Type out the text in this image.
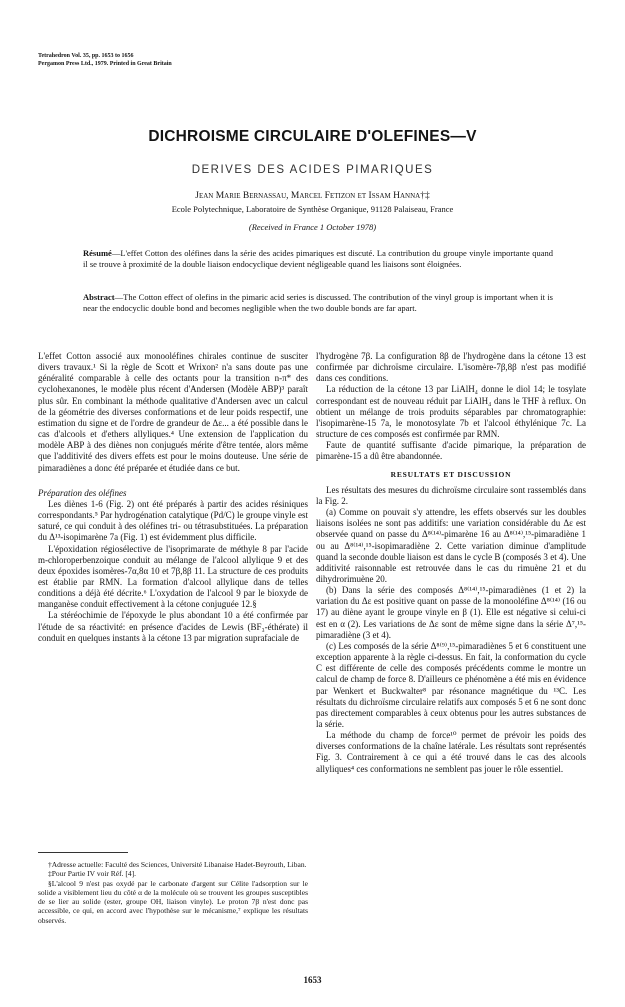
Tetrahedron Vol. 35, pp. 1653 to 1656
Pergamon Press Ltd., 1979. Printed in Great Britain
DICHROISME CIRCULAIRE D'OLEFINES—V
DERIVES DES ACIDES PIMARIQUES
Jean Marie Bernassau, Marcel Fetizon et Issam Hanna†‡
Ecole Polytechnique, Laboratoire de Synthèse Organique, 91128 Palaiseau, France
(Received in France 1 October 1978)
Résumé—L'effet Cotton des oléfines dans la série des acides pimariques est discuté. La contribution du groupe vinyle importante quand il se trouve à proximité de la double liaison endocyclique devient négligeable quand les liaisons sont éloignées.
Abstract—The Cotton effect of olefins in the pimaric acid series is discussed. The contribution of the vinyl group is important when it is near the endocyclic double bond and becomes negligible when the two double bonds are far apart.

L'effet Cotton associé aux monooléfines chirales continue de susciter divers travaux.¹ Si la règle de Scott et Wrixon² n'a sans doute pas une généralité comparable à celle des octants pour la transition n-π* des cyclohexanones, le modèle plus récent d'Andersen (Modèle ABP)³ paraît plus sûr. En combinant la méthode qualitative d'Andersen avec un calcul de la géométrie des diverses conformations et de leur poids respectif, une estimation du signe et de l'ordre de grandeur de Δε... a été possible dans le cas d'alcools et d'ethers allyliques.⁴ Une extension de l'application du modèle ABP à des diènes non conjugués mérite d'être tentée, alors même que l'additivité des divers effets est pour le moins douteuse. Une série de pimaradiènes a donc été préparée et étudiée dans ce but.

Préparation des oléfines

Les diènes 1-6 (Fig. 2) ont été préparés à partir des acides résiniques correspondants.⁵ Par hydrogénation catalytique (Pd/C) le groupe vinyle est saturé, ce qui conduit à des oléfines tri- ou tétrasubstituées. La préparation du Δ¹³-isopimarène 7a (Fig. 1) est évidemment plus difficile.

L'époxidation régiosélective de l'isoprimarate de méthyle 8 par l'acide m-chloroperbenzoique conduit au mélange de l'alcool allylique 9 et des deux époxides isomères-7α,8α 10 et 7β,8β 11. La structure de ces produits est établie par RMN. La formation d'alcool allylique dans de telles conditions a déjà été décrite.⁶ L'oxydation de l'alcool 9 par le bioxyde de manganèse conduit effectivement à la cétone conjuguée 12.§

La stéréochimie de l'époxyde le plus abondant 10 a été confirmée par l'étude de sa réactivité: en présence d'acides de Lewis (BF₃-éthérate) il conduit en quelques instants à la cétone 13 par migration suprafaciale de

†Adresse actuelle: Faculté des Sciences, Université Libanaise Hadet-Beyrouth, Liban.

‡Pour Partie IV voir Réf. [4].

§L'alcool 9 n'est pas oxydé par le carbonate d'argent sur Célite l'adsorption sur le solide a visiblement lieu du côté α de la molécule où se trouvent les groupes susceptibles de se lier au solide (ester, groupe OH, liaison vinyle). Le proton 7β n'est donc pas accessible, ce qui, en accord avec l'hypothèse sur le mécanisme,⁷ explique les résultats observés.

l'hydrogène 7β. La configuration 8β de l'hydrogène dans la cétone 13 est confirmée par dichroïsme circulaire. L'isomère-7β,8β n'est pas modifié dans ces conditions.

La réduction de la cétone 13 par LiAlH₄ donne le diol 14; le tosylate correspondant est de nouveau réduit par LiAlH₄ dans le THF à reflux. On obtient un mélange de trois produits séparables par chromatographie: l'isopimarène-15 7a, le monotosylate 7b et l'alcool éthylénique 7c. La structure de ces composés est confirmée par RMN.

Faute de quantité suffisante d'acide pimarique, la préparation de pimarène-15 a dû être abandonnée.

RESULTATS ET DISCUSSION

Les résultats des mesures du dichroïsme circulaire sont rassemblés dans la Fig. 2.

(a) Comme on pouvait s'y attendre, les effets observés sur les doubles liaisons isolées ne sont pas additifs: une variation considérable du Δε est observée quand on passe du Δ⁸⁽¹⁴⁾-pimarène 16 au Δ⁸⁽¹⁴⁾,¹⁵-pimaradiène 1 ou au Δ⁸⁽¹⁴⁾,¹⁵-isopimaradiène 2. Cette variation diminue d'amplitude quand la seconde double liaison est dans le cycle B (composés 3 et 4). Une additivité raisonnable est retrouvée dans le cas du rimuène 21 et du dihydrorimuène 20.

(b) Dans la série des composés Δ⁸⁽¹⁴⁾,¹⁵-pimaradiènes (1 et 2) la variation du Δε est positive quant on passe de la monooléfine Δ⁸⁽¹⁴⁾ (16 ou 17) au diène ayant le groupe vinyle en β (1). Elle est négative si celui-ci est en α (2). Les variations de Δε sont de même signe dans la série Δ⁷,¹⁵-pimaradiène (3 et 4).

(c) Les composés de la série Δ⁸⁽⁹⁾,¹⁵-pimaradiènes 5 et 6 constituent une exception apparente à la règle ci-dessus. En fait, la conformation du cycle C est différente de celle des composés précédents comme le montre un calcul de champ de force 8. D'ailleurs ce phénomène a été mis en évidence par Wenkert et Buckwalter⁸ par résonance magnétique du ¹³C. Les résultats du dichroïsme circulaire relatifs aux composés 5 et 6 ne sont donc pas directement comparables à ceux obtenus pour les autres substances de la série.

La méthode du champ de force¹⁰ permet de prévoir les poids des diverses conformations de la chaîne latérale. Les résultats sont représentés Fig. 3. Contrairement à ce qui a été trouvé dans le cas des alcools allyliques⁴ ces conformations ne semblent pas jouer le rôle essentiel.

1653
